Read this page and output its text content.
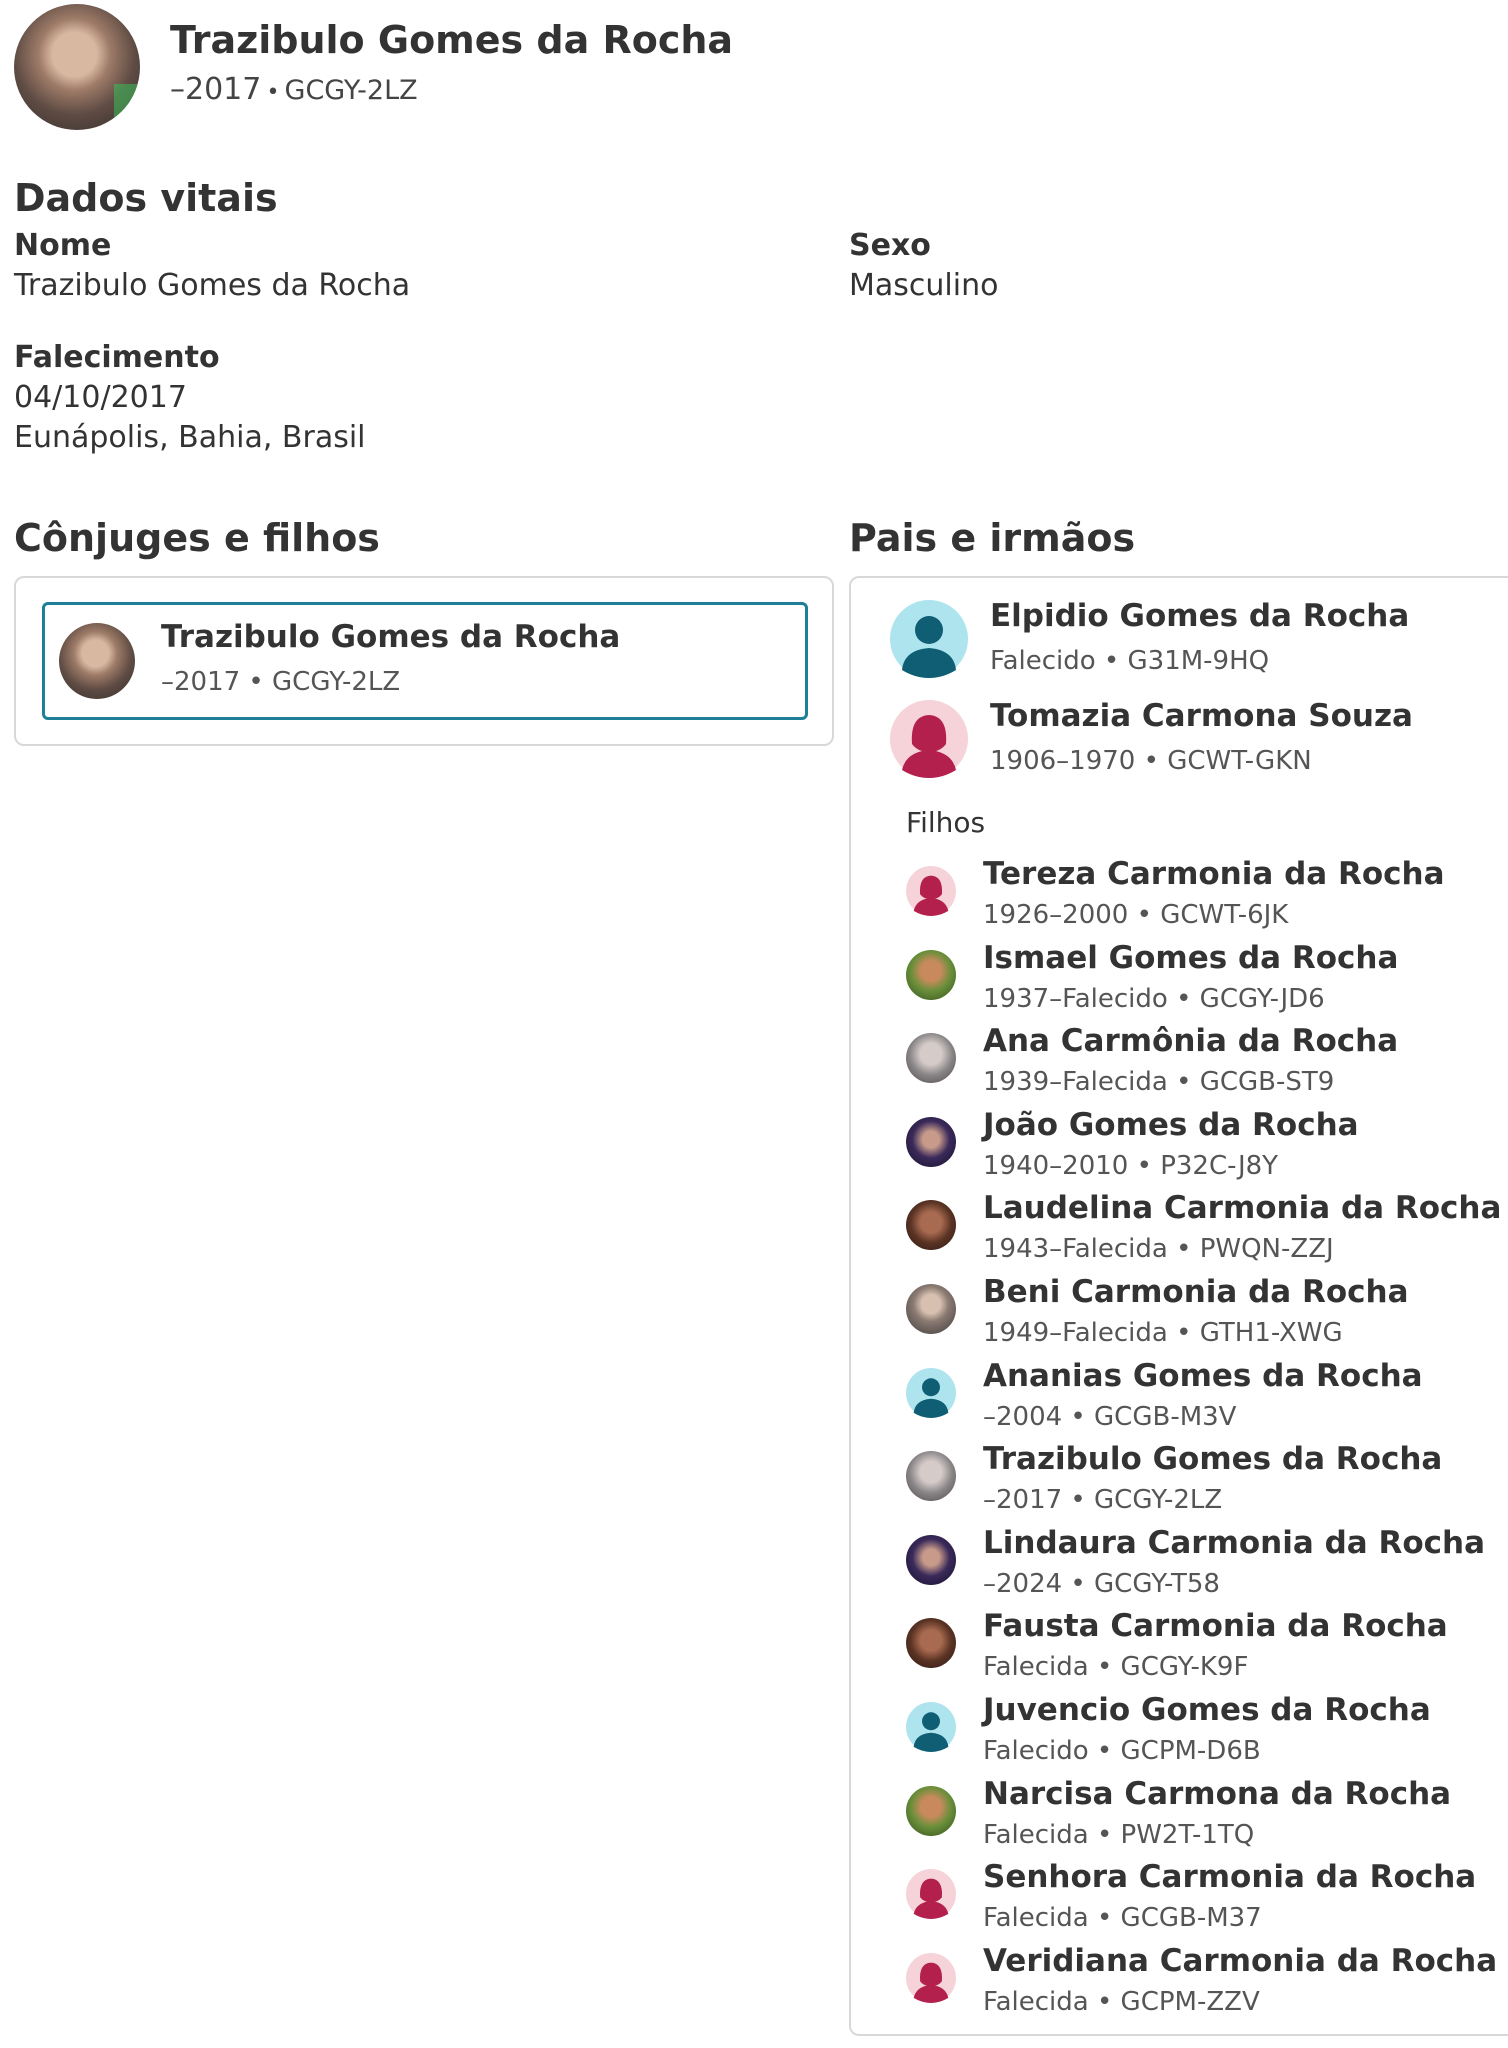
Trazibulo Gomes da Rocha
–2017 • GCGY-2LZ
Dados vitais
Nome
Trazibulo Gomes da Rocha
Sexo
Masculino
Falecimento
04/10/2017
Eunápolis, Bahia, Brasil
Cônjuges e filhos
Trazibulo Gomes da Rocha
–2017 • GCGY-2LZ
Pais e irmãos
Elpidio Gomes da Rocha
Falecido • G31M-9HQ
Tomazia Carmona Souza
1906–1970 • GCWT-GKN
Filhos
Tereza Carmonia da Rocha
1926–2000 • GCWT-6JK
Ismael Gomes da Rocha
1937–Falecido • GCGY-JD6
Ana Carmônia da Rocha
1939–Falecida • GCGB-ST9
João Gomes da Rocha
1940–2010 • P32C-J8Y
Laudelina Carmonia da Rocha
1943–Falecida • PWQN-ZZJ
Beni Carmonia da Rocha
1949–Falecida • GTH1-XWG
Ananias Gomes da Rocha
–2004 • GCGB-M3V
Trazibulo Gomes da Rocha
–2017 • GCGY-2LZ
Lindaura Carmonia da Rocha
–2024 • GCGY-T58
Fausta Carmonia da Rocha
Falecida • GCGY-K9F
Juvencio Gomes da Rocha
Falecido • GCPM-D6B
Narcisa Carmona da Rocha
Falecida • PW2T-1TQ
Senhora Carmonia da Rocha
Falecida • GCGB-M37
Veridiana Carmonia da Rocha
Falecida • GCPM-ZZV
